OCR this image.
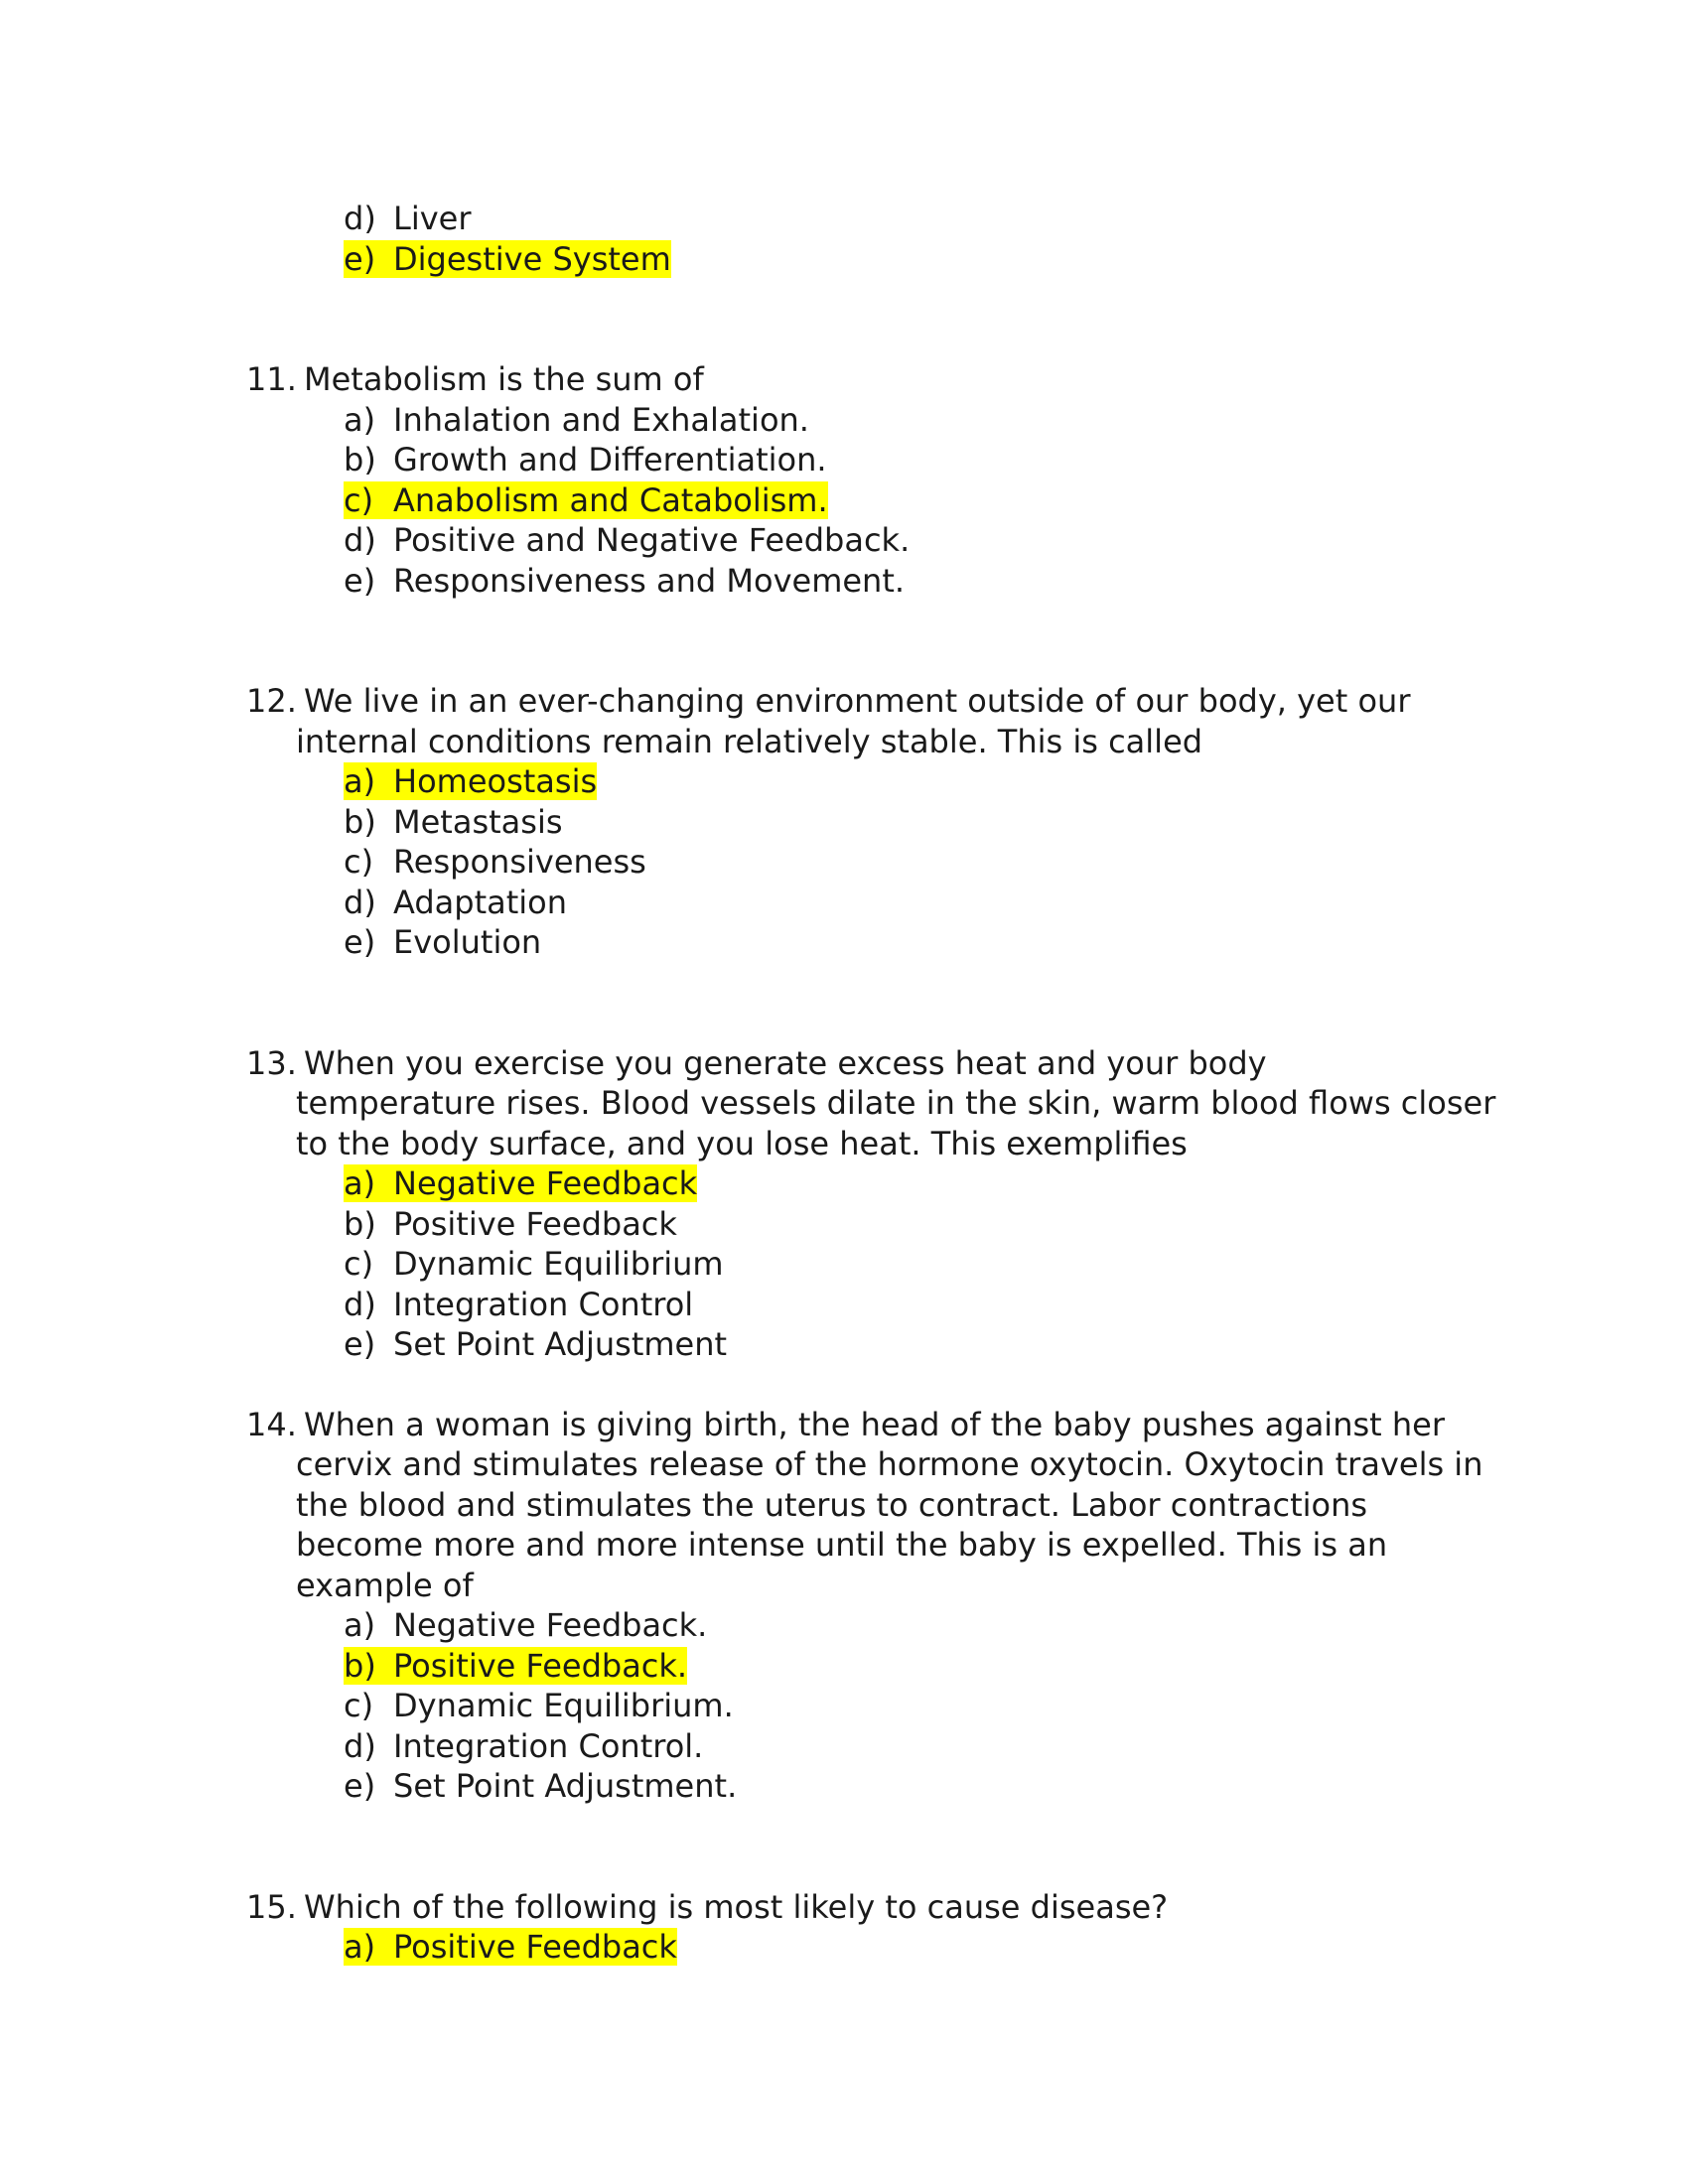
d) Liver
e) Digestive System
11. Metabolism is the sum of
a) Inhalation and Exhalation.
b) Growth and Differentiation.
c) Anabolism and Catabolism.
d) Positive and Negative Feedback.
e) Responsiveness and Movement.
12. We live in an ever-changing environment outside of our body, yet our
internal conditions remain relatively stable. This is called
a) Homeostasis
b) Metastasis
c) Responsiveness
d) Adaptation
e) Evolution
13. When you exercise you generate excess heat and your body
temperature rises. Blood vessels dilate in the skin, warm blood flows closer
to the body surface, and you lose heat. This exemplifies
a) Negative Feedback
b) Positive Feedback
c) Dynamic Equilibrium
d) Integration Control
e) Set Point Adjustment
14. When a woman is giving birth, the head of the baby pushes against her
cervix and stimulates release of the hormone oxytocin. Oxytocin travels in
the blood and stimulates the uterus to contract. Labor contractions
become more and more intense until the baby is expelled. This is an
example of
a) Negative Feedback.
b) Positive Feedback.
c) Dynamic Equilibrium.
d) Integration Control.
e) Set Point Adjustment.
15. Which of the following is most likely to cause disease?
a) Positive Feedback
